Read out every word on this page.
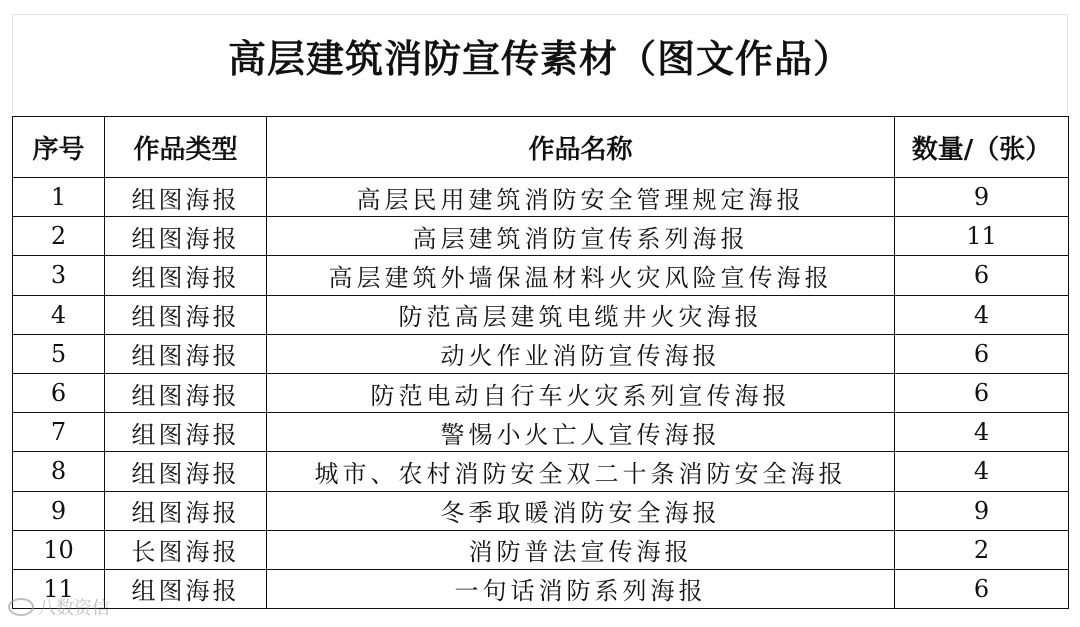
高层建筑消防宣传素材（图文作品）
序号	作品类型	作品名称	数量/（张）
1	组图海报	高层民用建筑消防安全管理规定海报	9
2	组图海报	高层建筑消防宣传系列海报	11
3	组图海报	高层建筑外墙保温材料火灾风险宣传海报	6
4	组图海报	防范高层建筑电缆井火灾海报	4
5	组图海报	动火作业消防宣传海报	6
6	组图海报	防范电动自行车火灾系列宣传海报	6
7	组图海报	警惕小火亡人宣传海报	4
8	组图海报	城市、农村消防安全双二十条消防安全海报	4
9	组图海报	冬季取暖消防安全海报	9
10	长图海报	消防普法宣传海报	2
11	组图海报	一句话消防系列海报	6
八数资信
